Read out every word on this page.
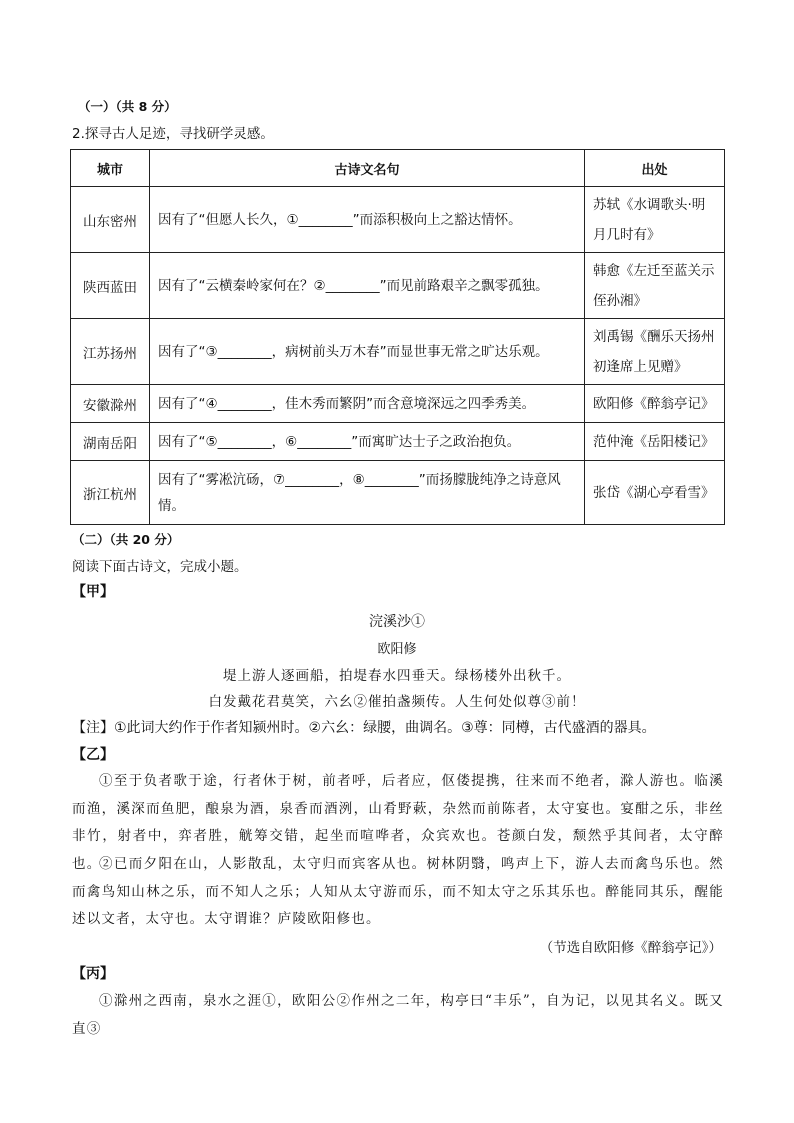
（一）（共 8 分）
2.探寻古人足迹，寻找研学灵感。
城市	古诗文名句	出处
山东密州	因有了“但愿人长久，①________”而添积极向上之豁达情怀。	苏轼《水调歌头·明月几时有》
陕西蓝田	因有了“云横秦岭家何在？②________”而见前路艰辛之飘零孤独。	韩愈《左迁至蓝关示侄孙湘》
江苏扬州	因有了“③________，病树前头万木春”而显世事无常之旷达乐观。	刘禹锡《酬乐天扬州初逢席上见赠》
安徽滁州	因有了“④________，佳木秀而繁阴”而含意境深远之四季秀美。	欧阳修《醉翁亭记》
湖南岳阳	因有了“⑤________，⑥________”而寓旷达士子之政治抱负。	范仲淹《岳阳楼记》
浙江杭州	因有了“雾凇沆砀，⑦________，⑧________”而扬朦胧纯净之诗意风情。	张岱《湖心亭看雪》
（二）（共 20 分）
阅读下面古诗文，完成小题。
【甲】
浣溪沙①
欧阳修
堤上游人逐画船，拍堤春水四垂天。绿杨楼外出秋千。
白发戴花君莫笑，六幺②催拍盏频传。人生何处似尊③前！
【注】①此词大约作于作者知颍州时。②六幺：绿腰，曲调名。③尊：同樽，古代盛酒的器具。
【乙】
①至于负者歌于途，行者休于树，前者呼，后者应，伛偻提携，往来而不绝者，滁人游也。临溪而渔，溪深而鱼肥，酿泉为酒，泉香而酒洌，山肴野蔌，杂然而前陈者，太守宴也。宴酣之乐，非丝非竹，射者中，弈者胜，觥筹交错，起坐而喧哗者，众宾欢也。苍颜白发，颓然乎其间者，太守醉也。
②已而夕阳在山，人影散乱，太守归而宾客从也。树林阴翳，鸣声上下，游人去而禽鸟乐也。然而禽鸟知山林之乐，而不知人之乐；人知从太守游而乐，而不知太守之乐其乐也。醉能同其乐，醒能述以文者，太守也。太守谓谁？庐陵欧阳修也。
（节选自欧阳修《醉翁亭记》）
【丙】
①滁州之西南，泉水之涯①，欧阳公②作州之二年，构亭曰“丰乐”，自为记，以见其名义。既又直③
